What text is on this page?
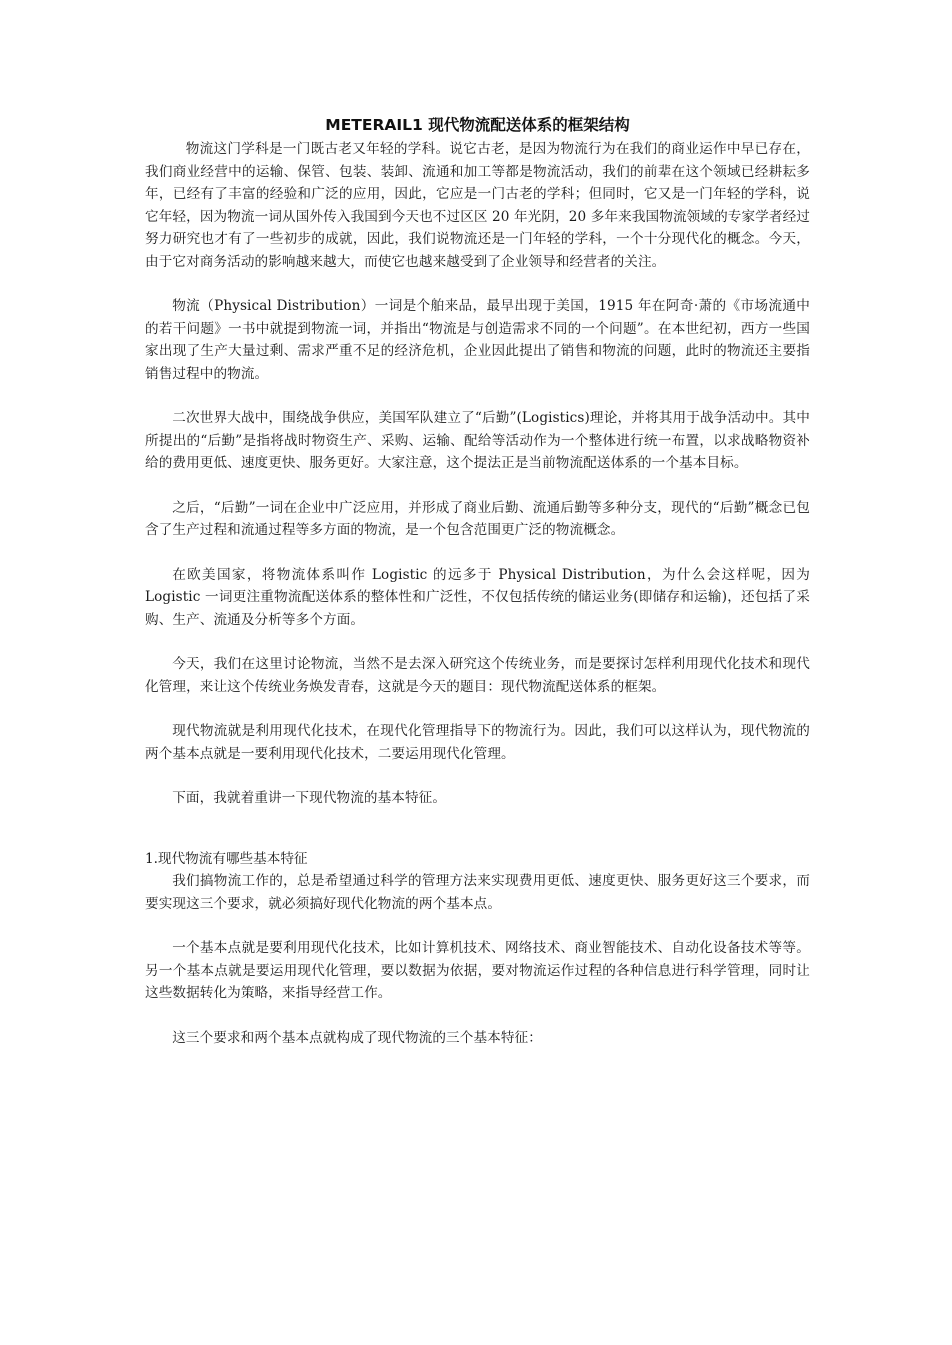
METERAIL1 现代物流配送体系的框架结构

物流这门学科是一门既古老又年轻的学科。说它古老，是因为物流行为在我们的商业运作中早已存在，我们商业经营中的运输、保管、包装、装卸、流通和加工等都是物流活动，我们的前辈在这个领域已经耕耘多年，已经有了丰富的经验和广泛的应用，因此，它应是一门古老的学科；但同时，它又是一门年轻的学科，说它年轻，因为物流一词从国外传入我国到今天也不过区区 20 年光阴，20 多年来我国物流领域的专家学者经过努力研究也才有了一些初步的成就，因此，我们说物流还是一门年轻的学科，一个十分现代化的概念。今天，由于它对商务活动的影响越来越大，而使它也越来越受到了企业领导和经营者的关注。

物流（Physical Distribution）一词是个舶来品，最早出现于美国，1915 年在阿奇·萧的《市场流通中的若干问题》一书中就提到物流一词，并指出“物流是与创造需求不同的一个问题”。在本世纪初，西方一些国家出现了生产大量过剩、需求严重不足的经济危机，企业因此提出了销售和物流的问题，此时的物流还主要指销售过程中的物流。

二次世界大战中，围绕战争供应，美国军队建立了“后勤”(Logistics)理论，并将其用于战争活动中。其中所提出的“后勤”是指将战时物资生产、采购、运输、配给等活动作为一个整体进行统一布置，以求战略物资补给的费用更低、速度更快、服务更好。大家注意，这个提法正是当前物流配送体系的一个基本目标。

之后，“后勤”一词在企业中广泛应用，并形成了商业后勤、流通后勤等多种分支，现代的“后勤”概念已包含了生产过程和流通过程等多方面的物流，是一个包含范围更广泛的物流概念。

在欧美国家，将物流体系叫作 Logistic 的远多于 Physical Distribution，为什么会这样呢，因为 Logistic 一词更注重物流配送体系的整体性和广泛性，不仅包括传统的储运业务(即储存和运输)，还包括了采购、生产、流通及分析等多个方面。

今天，我们在这里讨论物流，当然不是去深入研究这个传统业务，而是要探讨怎样利用现代化技术和现代化管理，来让这个传统业务焕发青春，这就是今天的题目：现代物流配送体系的框架。

现代物流就是利用现代化技术，在现代化管理指导下的物流行为。因此，我们可以这样认为，现代物流的两个基本点就是一要利用现代化技术，二要运用现代化管理。

下面，我就着重讲一下现代物流的基本特征。

1.现代物流有哪些基本特征

我们搞物流工作的，总是希望通过科学的管理方法来实现费用更低、速度更快、服务更好这三个要求，而要实现这三个要求，就必须搞好现代化物流的两个基本点。

一个基本点就是要利用现代化技术，比如计算机技术、网络技术、商业智能技术、自动化设备技术等等。另一个基本点就是要运用现代化管理，要以数据为依据，要对物流运作过程的各种信息进行科学管理，同时让这些数据转化为策略，来指导经营工作。

这三个要求和两个基本点就构成了现代物流的三个基本特征：
